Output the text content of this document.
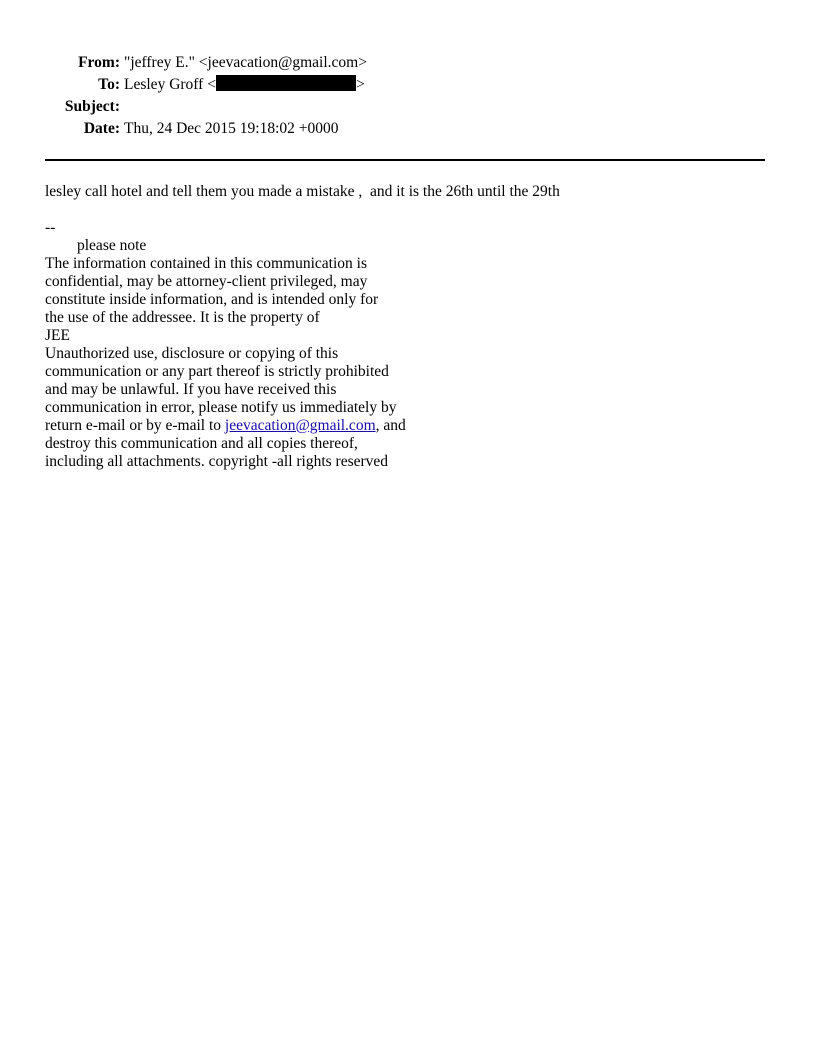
From: "jeffrey E." <jeevacation@gmail.com>
To: Lesley Groff <	>
Subject:
Date: Thu, 24 Dec 2015 19:18:02 +0000
lesley call hotel and tell them you made a mistake ,  and it is the 26th until the 29th
--
please note
The information contained in this communication is
confidential, may be attorney-client privileged, may
constitute inside information, and is intended only for
the use of the addressee. It is the property of
JEE
Unauthorized use, disclosure or copying of this
communication or any part thereof is strictly prohibited
and may be unlawful. If you have received this
communication in error, please notify us immediately by
return e-mail or by e-mail to jeevacation@gmail.com, and
destroy this communication and all copies thereof,
including all attachments. copyright -all rights reserved
